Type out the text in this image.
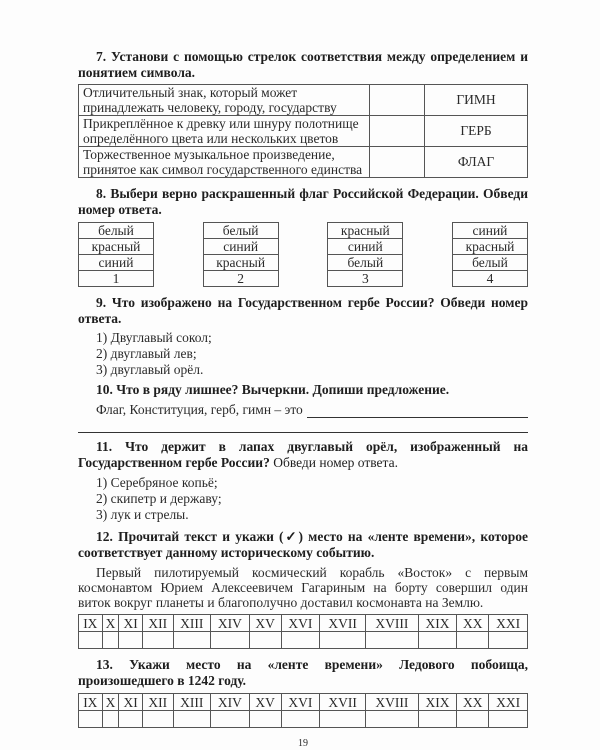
7. Установи с помощью стрелок соответствия между определением и понятием символа.
Отличительный знак, который может принадлежать человеку, городу, государству		ГИМН
Прикреплённое к древку или шнуру полотнище определённого цвета или нескольких цветов		ГЕРБ
Торжественное музыкальное произведение, принятое как символ государственного единства		ФЛАГ
8. Выбери верно раскрашенный флаг Российской Федерации. Обведи номер ответа.
белый
красный
синий
1
белый
синий
красный
2
красный
синий
белый
3
синий
красный
белый
4
9. Что изображено на Государственном гербе России? Обведи номер ответа.
1) Двуглавый сокол;
2) двуглавый лев;
3) двуглавый орёл.
10. Что в ряду лишнее? Вычеркни. Допиши предложение.
Флаг, Конституция, герб, гимн – это
11. Что держит в лапах двуглавый орёл, изображенный на Государственном гербе России? Обведи номер ответа.
1) Серебряное копьё;
2) скипетр и державу;
3) лук и стрелы.
12. Прочитай текст и укажи (✓) место на «ленте времени», которое соответствует данному историческому событию.
Первый пилотируемый космический корабль «Восток» с первым космонавтом Юрием Алексеевичем Гагариным на борту совершил один виток вокруг планеты и благополучно доставил космонавта на Землю.
IX	X	XI	XII	XIII	XIV	XV	XVI	XVII	XVIII	XIX	XX	XXI

13. Укажи место на «ленте времени» Ледового побоища, произошедшего в 1242 году.
IX	X	XI	XII	XIII	XIV	XV	XVI	XVII	XVIII	XIX	XX	XXI

19
